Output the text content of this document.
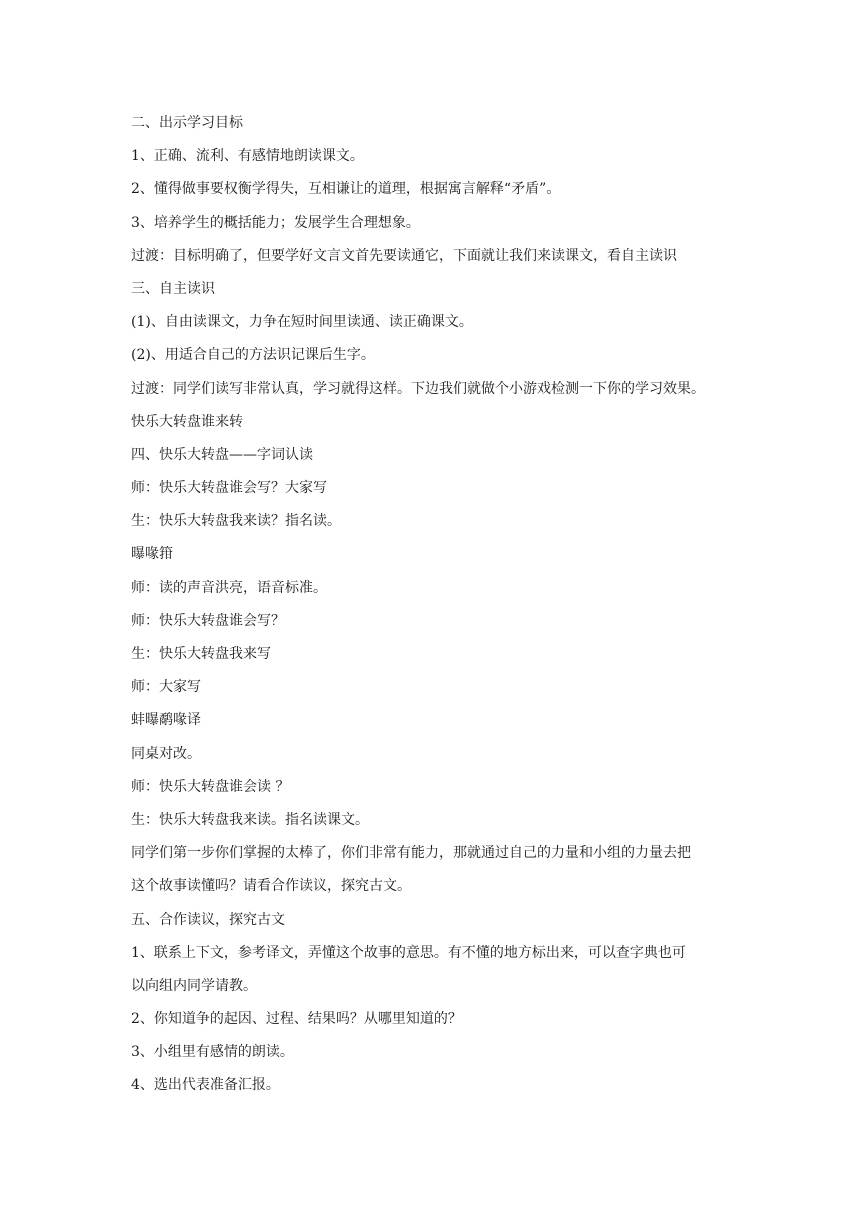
二、出示学习目标
1、正确、流利、有感情地朗读课文。
2、懂得做事要权衡学得失，互相谦让的道理，根据寓言解释“矛盾”。
3、培养学生的概括能力；发展学生合理想象。
过渡：目标明确了，但要学好文言文首先要读通它，下面就让我们来读课文，看自主读识
三、自主读识
(1)、自由读课文，力争在短时间里读通、读正确课文。
(2)、用适合自己的方法识记课后生字。
过渡：同学们读写非常认真，学习就得这样。下边我们就做个小游戏检测一下你的学习效果。
快乐大转盘谁来转
四、快乐大转盘——字词认读
师：快乐大转盘谁会写？大家写
生：快乐大转盘我来读？指名读。
曝喙箝
师：读的声音洪亮，语音标准。
师：快乐大转盘谁会写？
生：快乐大转盘我来写
师：大家写
蚌曝鹬喙译
同桌对改。
师：快乐大转盘谁会读 ？
生：快乐大转盘我来读。指名读课文。
同学们第一步你们掌握的太棒了，你们非常有能力，那就通过自己的力量和小组的力量去把
这个故事读懂吗？请看合作读议，探究古文。
五、合作读议，探究古文
1、联系上下文，参考译文，弄懂这个故事的意思。有不懂的地方标出来，可以查字典也可
以向组内同学请教。
2、你知道争的起因、过程、结果吗？从哪里知道的？
3、小组里有感情的朗读。
4、选出代表准备汇报。
